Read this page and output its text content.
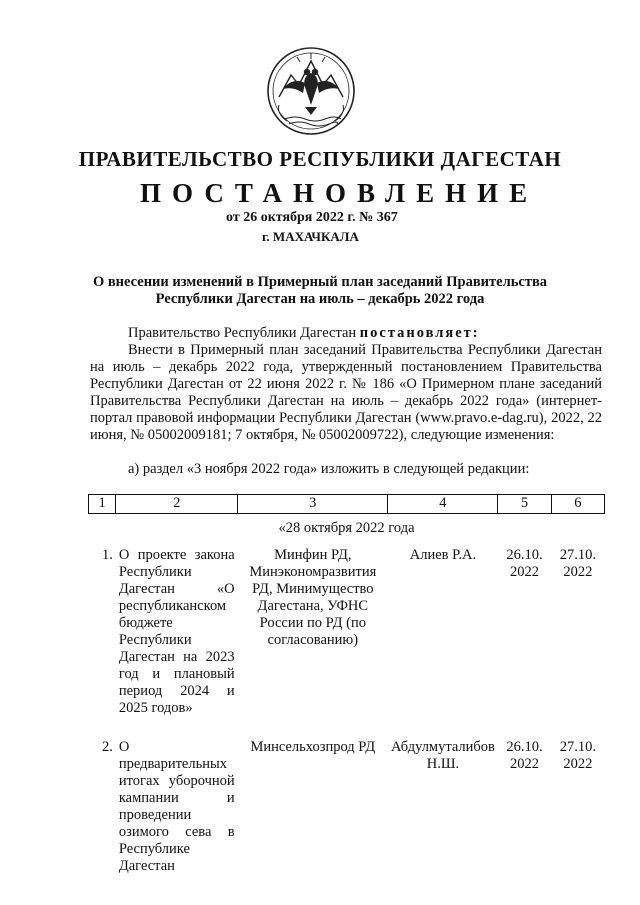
ПРАВИТЕЛЬСТВО РЕСПУБЛИКИ ДАГЕСТАН
ПОСТАНОВЛЕНИЕ
от 26 октября 2022 г. № 367
г. МАХАЧКАЛА
О внесении изменений в Примерный план заседаний Правительства Республики Дагестан на июль – декабрь 2022 года
Правительство Республики Дагестан постановляет:
Внести в Примерный план заседаний Правительства Республики Дагестан на июль – декабрь 2022 года, утвержденный постановлением Правительства Республики Дагестан от 22 июня 2022 г. № 186 «О Примерном плане заседаний Правительства Республики Дагестан на июль – декабрь 2022 года» (интернет-портал правовой информации Республики Дагестан (www.pravo.e-dag.ru), 2022, 22 июня, № 05002009181; 7 октября, № 05002009722), следующие изменения:
а) раздел «3 ноября 2022 года» изложить в следующей редакции:
1	2	3	4	5	6
«28 октября 2022 года					
1.	О проекте закона Республики Дагестан «О республиканском бюджете Республики Дагестан на 2023 год и плановый период 2024 и 2025 годов»	Минфин РД, Минэкономразвития РД, Минимущество Дагестана, УФНС России по РД (по согласованию)	Алиев Р.А.	26.10. 2022	27.10. 2022
2.	О предварительных итогах уборочной кампании и проведении озимого сева в Республике Дагестан	Минсельхозпрод РД	Абдулмуталибов Н.Ш.	26.10. 2022	27.10. 2022
